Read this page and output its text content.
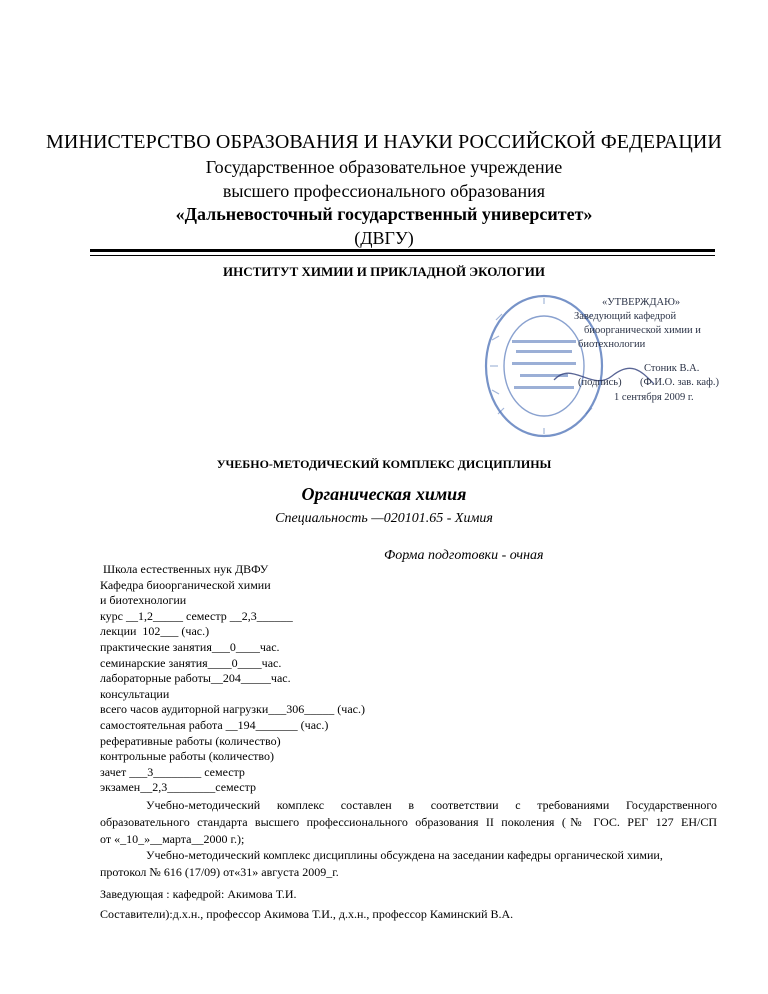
МИНИСТЕРСТВО ОБРАЗОВАНИЯ И НАУКИ РОССИЙСКОЙ ФЕДЕРАЦИИ
Государственное образовательное учреждение
высшего профессионального образования
«Дальневосточный государственный университет»
(ДВГУ)
ИНСТИТУТ ХИМИИ И ПРИКЛАДНОЙ ЭКОЛОГИИ
«УТВЕРЖДАЮ»
Заведующий кафедрой
биоорганической химии и
биотехнологии
Стоник В.А.
(подпись) (Ф.И.О. зав. каф.)
1 сентября 2009 г.
УЧЕБНО-МЕТОДИЧЕСКИЙ КОМПЛЕКС ДИСЦИПЛИНЫ
Органическая химия
Специальность —020101.65 - Химия
Форма подготовки - очная
Школа естественных нук ДВФУ
Кафедра биоорганической химии
и биотехнологии
курс __1,2_____ семестр __2,3______
лекции  102___ (час.)
практические занятия___0____час.
семинарские занятия____0____час.
лабораторные работы__204_____час.
консультации
всего часов аудиторной нагрузки___306_____ (час.)
самостоятельная работа __194_______ (час.)
реферативные работы (количество)
контрольные работы (количество)
зачет ___3________ семестр
экзамен__2,3________семестр
Учебно-методический комплекс составлен в соответствии с требованиями Государственного
образовательного стандарта высшего профессионального образования II поколения (№ ГОС. РЕГ 127 ЕН/СП
от «_10_»__марта__2000 г.);
Учебно-методический комплекс дисциплины обсуждена на заседании кафедры органической химии,
протокол № 616 (17/09) от«31» августа 2009_г.
Заведующая : кафедрой: Акимова Т.И.
Составители):д.х.н., профессор Акимова Т.И., д.х.н., профессор Каминский В.А.
